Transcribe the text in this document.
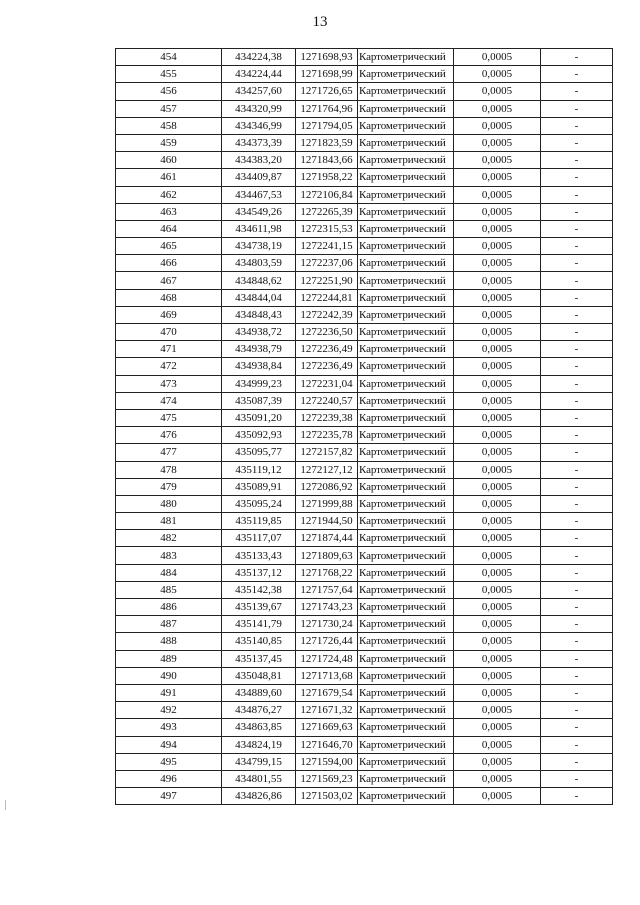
13
454	434224,38	1271698,93	Картометрический	0,0005	-
455	434224,44	1271698,99	Картометрический	0,0005	-
456	434257,60	1271726,65	Картометрический	0,0005	-
457	434320,99	1271764,96	Картометрический	0,0005	-
458	434346,99	1271794,05	Картометрический	0,0005	-
459	434373,39	1271823,59	Картометрический	0,0005	-
460	434383,20	1271843,66	Картометрический	0,0005	-
461	434409,87	1271958,22	Картометрический	0,0005	-
462	434467,53	1272106,84	Картометрический	0,0005	-
463	434549,26	1272265,39	Картометрический	0,0005	-
464	434611,98	1272315,53	Картометрический	0,0005	-
465	434738,19	1272241,15	Картометрический	0,0005	-
466	434803,59	1272237,06	Картометрический	0,0005	-
467	434848,62	1272251,90	Картометрический	0,0005	-
468	434844,04	1272244,81	Картометрический	0,0005	-
469	434848,43	1272242,39	Картометрический	0,0005	-
470	434938,72	1272236,50	Картометрический	0,0005	-
471	434938,79	1272236,49	Картометрический	0,0005	-
472	434938,84	1272236,49	Картометрический	0,0005	-
473	434999,23	1272231,04	Картометрический	0,0005	-
474	435087,39	1272240,57	Картометрический	0,0005	-
475	435091,20	1272239,38	Картометрический	0,0005	-
476	435092,93	1272235,78	Картометрический	0,0005	-
477	435095,77	1272157,82	Картометрический	0,0005	-
478	435119,12	1272127,12	Картометрический	0,0005	-
479	435089,91	1272086,92	Картометрический	0,0005	-
480	435095,24	1271999,88	Картометрический	0,0005	-
481	435119,85	1271944,50	Картометрический	0,0005	-
482	435117,07	1271874,44	Картометрический	0,0005	-
483	435133,43	1271809,63	Картометрический	0,0005	-
484	435137,12	1271768,22	Картометрический	0,0005	-
485	435142,38	1271757,64	Картометрический	0,0005	-
486	435139,67	1271743,23	Картометрический	0,0005	-
487	435141,79	1271730,24	Картометрический	0,0005	-
488	435140,85	1271726,44	Картометрический	0,0005	-
489	435137,45	1271724,48	Картометрический	0,0005	-
490	435048,81	1271713,68	Картометрический	0,0005	-
491	434889,60	1271679,54	Картометрический	0,0005	-
492	434876,27	1271671,32	Картометрический	0,0005	-
493	434863,85	1271669,63	Картометрический	0,0005	-
494	434824,19	1271646,70	Картометрический	0,0005	-
495	434799,15	1271594,00	Картометрический	0,0005	-
496	434801,55	1271569,23	Картометрический	0,0005	-
497	434826,86	1271503,02	Картометрический	0,0005	-
